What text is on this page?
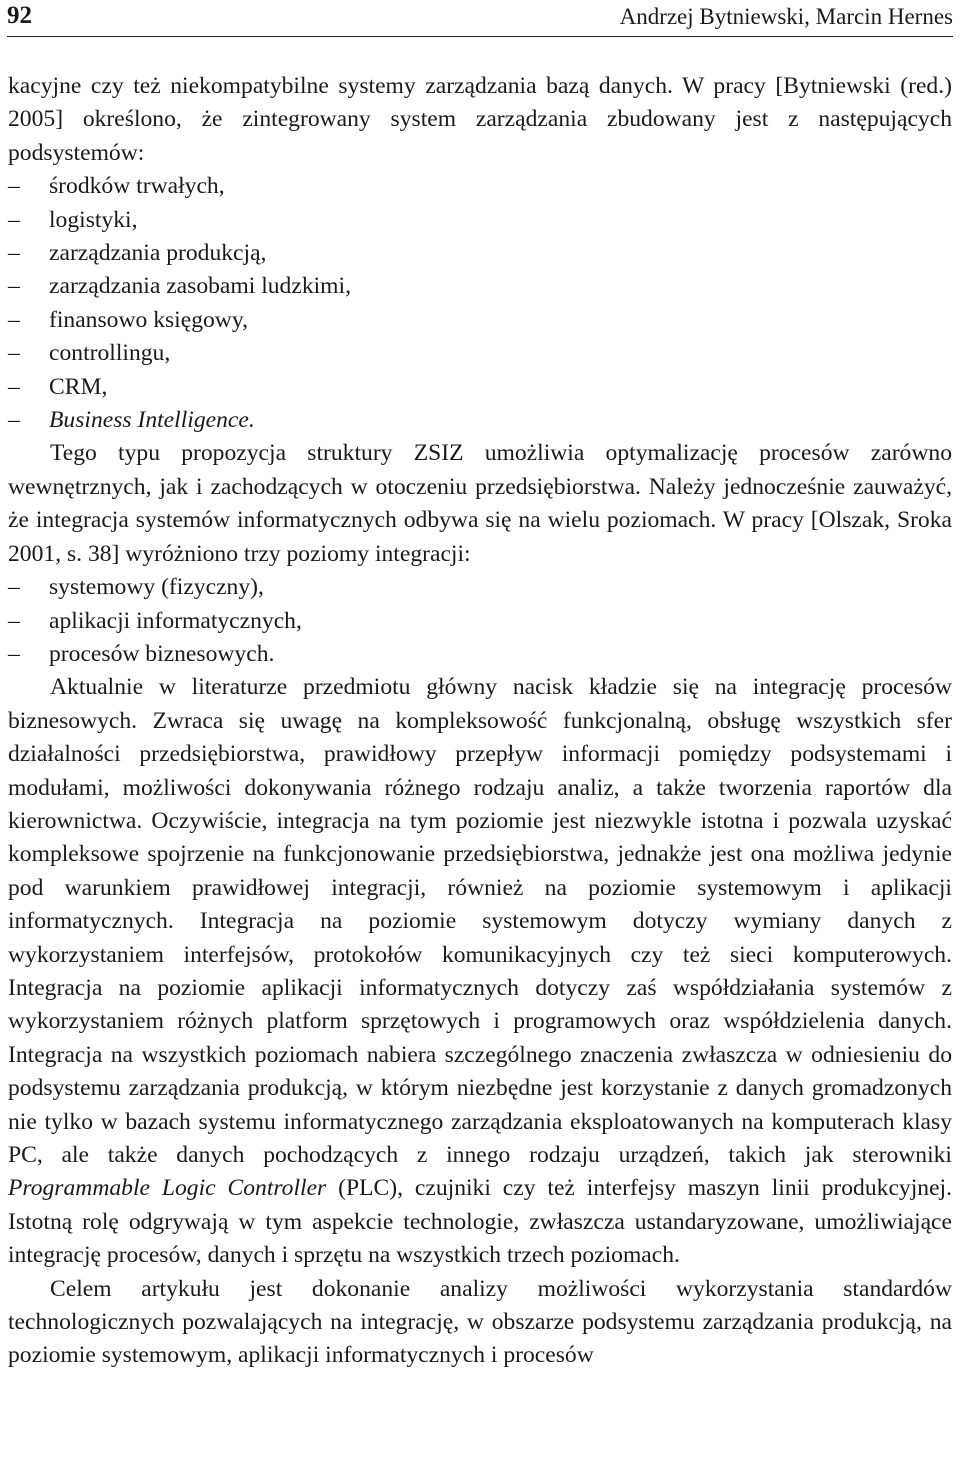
92	Andrzej Bytniewski, Marcin Hernes

kacyjne czy też niekompatybilne systemy zarządzania bazą danych. W pracy [Bytniewski (red.) 2005] określono, że zintegrowany system zarządzania zbudowany jest z następujących podsystemów:

–	środków trwałych,
–	logistyki,
–	zarządzania produkcją,
–	zarządzania zasobami ludzkimi,
–	finansowo księgowy,
–	controllingu,
–	CRM,
–	Business Intelligence.

Tego typu propozycja struktury ZSIZ umożliwia optymalizację procesów zarówno wewnętrznych, jak i zachodzących w otoczeniu przedsiębiorstwa. Należy jednocześnie zauważyć, że integracja systemów informatycznych odbywa się na wielu poziomach. W pracy [Olszak, Sroka 2001, s. 38] wyróżniono trzy poziomy integracji:

–	systemowy (fizyczny),
–	aplikacji informatycznych,
–	procesów biznesowych.

Aktualnie w literaturze przedmiotu główny nacisk kładzie się na integrację procesów biznesowych. Zwraca się uwagę na kompleksowość funkcjonalną, obsługę wszystkich sfer działalności przedsiębiorstwa, prawidłowy przepływ informacji pomiędzy podsystemami i modułami, możliwości dokonywania różnego rodzaju analiz, a także tworzenia raportów dla kierownictwa. Oczywiście, integracja na tym poziomie jest niezwykle istotna i pozwala uzyskać kompleksowe spojrzenie na funkcjonowanie przedsiębiorstwa, jednakże jest ona możliwa jedynie pod warunkiem prawidłowej integracji, również na poziomie systemowym i aplikacji informatycznych. Integracja na poziomie systemowym dotyczy wymiany danych z wykorzystaniem interfejsów, protokołów komunikacyjnych czy też sieci komputerowych. Integracja na poziomie aplikacji informatycznych dotyczy zaś współdziałania systemów z wykorzystaniem różnych platform sprzętowych i programowych oraz współdzielenia danych. Integracja na wszystkich poziomach nabiera szczególnego znaczenia zwłaszcza w odniesieniu do podsystemu zarządzania produkcją, w którym niezbędne jest korzystanie z danych gromadzonych nie tylko w bazach systemu informatycznego zarządzania eksploatowanych na komputerach klasy PC, ale także danych pochodzących z innego rodzaju urządzeń, takich jak sterowniki Programmable Logic Controller (PLC), czujniki czy też interfejsy maszyn linii produkcyjnej. Istotną rolę odgrywają w tym aspekcie technologie, zwłaszcza ustandaryzowane, umożliwiające integrację procesów, danych i sprzętu na wszystkich trzech poziomach.

Celem artykułu jest dokonanie analizy możliwości wykorzystania standardów technologicznych pozwalających na integrację, w obszarze podsystemu zarządzania produkcją, na poziomie systemowym, aplikacji informatycznych i procesów
